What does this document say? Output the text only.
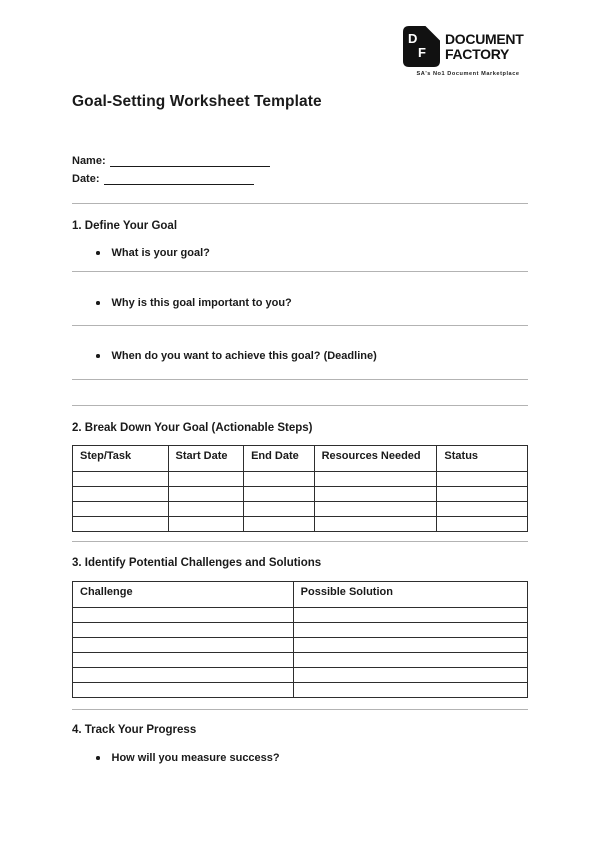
D
F
DOCUMENT
FACTORY
SA's No1 Document Marketplace
Goal-Setting Worksheet Template
Name:
Date:
1. Define Your Goal
What is your goal?
Why is this goal important to you?
When do you want to achieve this goal? (Deadline)
2. Break Down Your Goal (Actionable Steps)
Step/Task	Start Date	End Date	Resources Needed	Status

3. Identify Potential Challenges and Solutions
Challenge	Possible Solution

4. Track Your Progress
How will you measure success?
